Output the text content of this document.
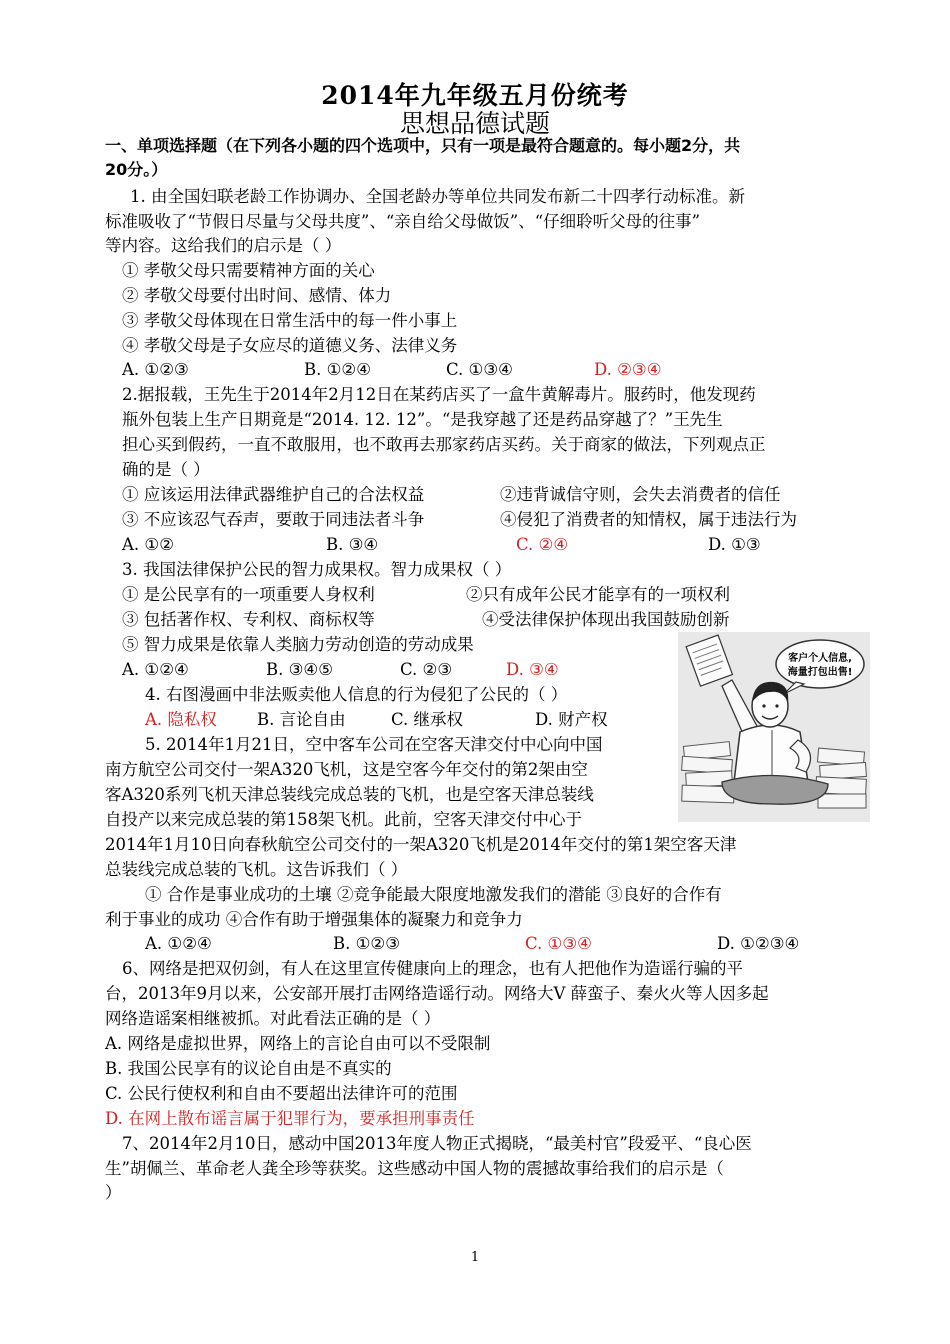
2014年九年级五月份统考
思想品德试题
一、单项选择题（在下列各小题的四个选项中，只有一项是最符合题意的。每小题2分，共
20分。）
1. 由全国妇联老龄工作协调办、全国老龄办等单位共同发布新二十四孝行动标准。新
标准吸收了“节假日尽量与父母共度”、“亲自给父母做饭”、“仔细聆听父母的往事”
等内容。这给我们的启示是（ ）
① 孝敬父母只需要精神方面的关心
② 孝敬父母要付出时间、感情、体力
③ 孝敬父母体现在日常生活中的每一件小事上
④ 孝敬父母是子女应尽的道德义务、法律义务
A. ①②③	B. ①②④	C. ①③④	D. ②③④
2.据报载，王先生于2014年2月12日在某药店买了一盒牛黄解毒片。服药时，他发现药
瓶外包装上生产日期竟是“2014. 12. 12”。“是我穿越了还是药品穿越了？”王先生
担心买到假药，一直不敢服用，也不敢再去那家药店买药。关于商家的做法，下列观点正
确的是（ ）
① 应该运用法律武器维护自己的合法权益	②违背诚信守则，会失去消费者的信任
③ 不应该忍气吞声，要敢于同违法者斗争	④侵犯了消费者的知情权，属于违法行为
A. ①②	B. ③④	C. ②④	D. ①③
3. 我国法律保护公民的智力成果权。智力成果权（ ）
① 是公民享有的一项重要人身权利	②只有成年公民才能享有的一项权利
③ 包括著作权、专利权、商标权等	④受法律保护体现出我国鼓励创新
⑤ 智力成果是依靠人类脑力劳动创造的劳动成果
A. ①②④	B. ③④⑤	C. ②③	D. ③④
4. 右图漫画中非法贩卖他人信息的行为侵犯了公民的（ ）
A. 隐私权 B. 言论自由	C. 继承权	D. 财产权
客户个人信息,
海量打包出售!
5. 2014年1月21日，空中客车公司在空客天津交付中心向中国
南方航空公司交付一架A320飞机，这是空客今年交付的第2架由空
客A320系列飞机天津总装线完成总装的飞机，也是空客天津总装线
自投产以来完成总装的第158架飞机。此前，空客天津交付中心于
2014年1月10日向春秋航空公司交付的一架A320飞机是2014年交付的第1架空客天津
总装线完成总装的飞机。这告诉我们（ ）
① 合作是事业成功的土壤 ②竞争能最大限度地激发我们的潜能 ③良好的合作有
利于事业的成功 ④合作有助于增强集体的凝聚力和竞争力
A. ①②④	B. ①②③	C. ①③④	D. ①②③④
6、网络是把双仞剑，有人在这里宣传健康向上的理念，也有人把他作为造谣行骗的平
台，2013年9月以来，公安部开展打击网络造谣行动。网络大V 薛蛮子、秦火火等人因多起
网络造谣案相继被抓。对此看法正确的是（ ）
A. 网络是虚拟世界，网络上的言论自由可以不受限制
B. 我国公民享有的议论自由是不真实的
C. 公民行使权利和自由不要超出法律许可的范围
D. 在网上散布谣言属于犯罪行为，要承担刑事责任
7、2014年2月10日，感动中国2013年度人物正式揭晓，“最美村官”段爱平、“良心医
生”胡佩兰、革命老人龚全珍等获奖。这些感动中国人物的震撼故事给我们的启示是（
）
1
